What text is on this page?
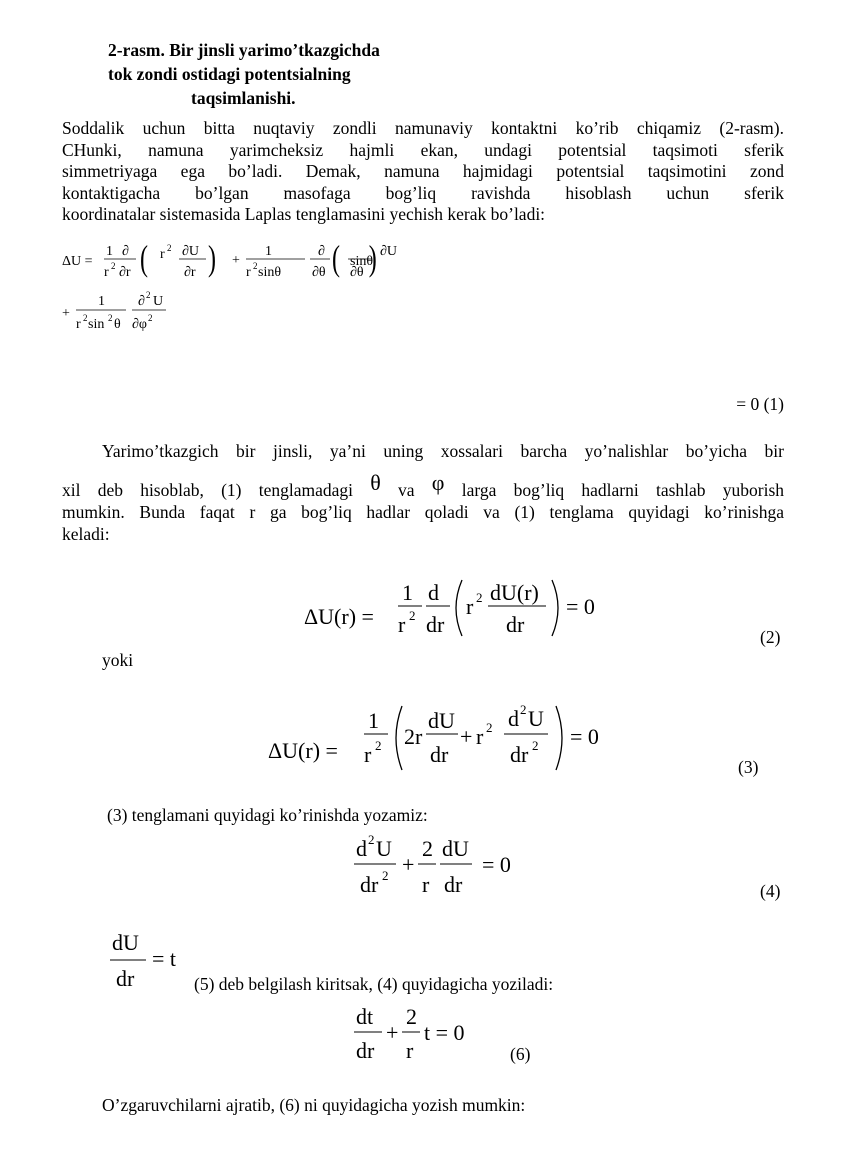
2-rasm. Bir jinsli yarimo’tkazgichda
tok zondi ostidagi potentsialning
taqsimlanishi.
Soddalik uchun bitta nuqtaviy zondli namunaviy kontaktni ko’rib chiqamiz (2-rasm).
CHunki, namuna yarimcheksiz hajmli ekan, undagi potentsial taqsimoti sferik
simmetriyaga ega bo’ladi. Demak, namuna hajmidagi potentsial taqsimotini zond
kontaktigacha bo’lgan masofaga bog’liq ravishda hisoblash uchun sferik
koordinatalar sistemasida Laplas tenglamasini yechish kerak bo’ladi:
ΔU =
1 ∂
r 2 ∂r ( r 2 ∂U
∂r ) +
1
r 2 sinθ
∂
∂θ ( sinθ
∂U
∂θ )
+
1
r 2 sin 2 θ
∂ 2 U
∂φ 2
= 0 (1)
Yarimo’tkazgich bir jinsli, ya’ni uning xossalari barcha yo’nalishlar bo’yicha bir
xil deb hisoblab, (1) tenglamadagi θ va φ larga bog’liq hadlarni tashlab yuborish
mumkin. Bunda faqat r ga bog’liq hadlar qoladi va (1) tenglama quyidagi ko’rinishga
keladi:
ΔU(r) =
1
r 2
d
dr
r 2 dU(r)
dr
= 0
(2)
yoki
ΔU(r) =
1
r 2 2r
dU
dr
+ r 2 d 2 U
dr 2 = 0
(3)
(3) tenglamani quyidagi ko’rinishda yozamiz:
d 2 U
dr 2 +
2
r
dU
dr
= 0
(4)
dU
dr
= t
(5) deb belgilash kiritsak, (4) quyidagicha yoziladi:
dt
dr
+
2
r
t = 0
(6)
O’zgaruvchilarni ajratib, (6) ni quyidagicha yozish mumkin:
